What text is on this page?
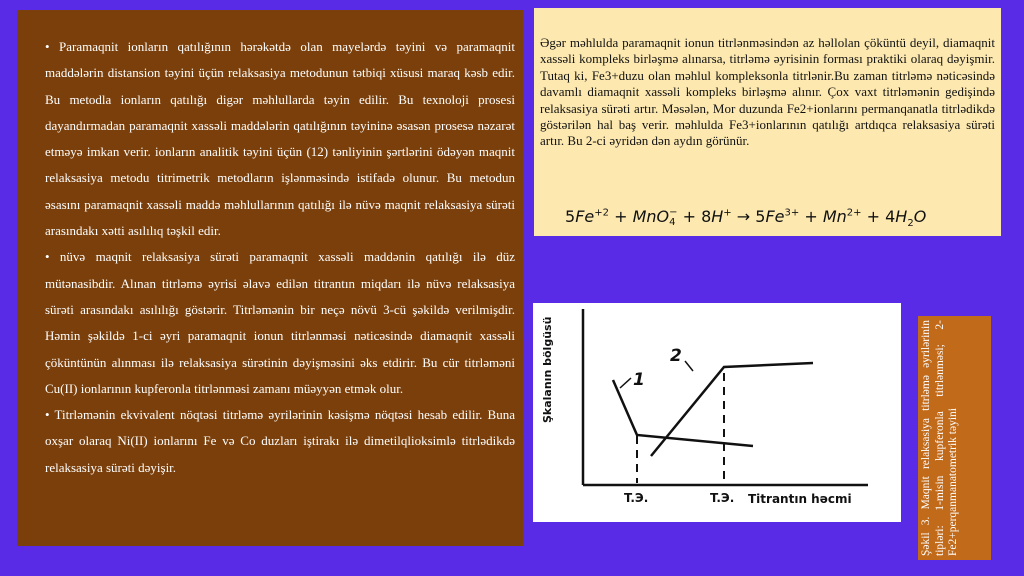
• Paramaqnit ionların qatılığının hərəkətdə olan mayelərdə təyini və paramaqnit maddələrin distansion təyini üçün relaksasiya metodunun tətbiqi xüsusi maraq kəsb edir. Bu metodla ionların qatılığı digər məhlullarda təyin edilir. Bu texnoloji prosesi dayandırmadan paramaqnit xassəli maddələrin qatılığının təyininə əsasən prosesə nəzarət etməyə imkan verir. ionların analitik təyini üçün (12) tənliyinin şərtlərini ödəyən maqnit relaksasiya metodu titrimetrik metodların işlənməsində istifadə olunur. Bu metodun əsasını paramaqnit xassəli maddə məhlullarının qatılığı ilə nüvə maqnit relaksasiya sürəti arasındakı xətti asılılıq təşkil edir.

• nüvə maqnit relaksasiya sürəti paramaqnit xassəli maddənin qatılığı ilə düz mütənasibdir. Alınan titrləmə əyrisi əlavə edilən titrantın miqdarı ilə nüvə relaksasiya sürəti arasındakı asılılığı göstərir. Titrləmənin bir neçə növü 3-cü şəkildə verilmişdir. Həmin şəkildə 1-ci əyri paramaqnit ionun titrlənməsi nəticəsində diamaqnit xassəli çöküntünün alınması ilə relaksasiya sürətinin dəyişməsini əks etdirir. Bu cür titrləməni Cu(II) ionlarının kupferonla titrlənməsi zamanı müəyyən etmək olur.

• Titrləmənin ekvivalent nöqtəsi titrləmə əyrilərinin kəsişmə nöqtəsi hesab edilir. Buna oxşar olaraq Ni(II) ionlarını Fe və Co duzları iştirakı ilə dimetilqlioksimlə titrlədikdə relaksasiya sürəti dəyişir.

Əgər məhlulda paramaqnit ionun titrlənməsindən az həllolan çöküntü deyil, diamaqnit xassəli kompleks birləşmə alınarsa, titrləmə əyrisinin forması praktiki olaraq dəyişmir. Tutaq ki, Fe3+duzu olan məhlul kompleksonla titrlənir.Bu zaman titrləmə nəticəsində davamlı diamaqnit xassəli kompleks birləşmə alınır. Çox vaxt titrləmənin gedişində relaksasiya sürəti artır. Məsələn, Mor duzunda Fe2+ionlarını permanqanatla titrlədikdə göstərilən hal baş verir. məhlulda Fe3+ionlarının qatılığı artdıqca relaksasiya sürəti artır. Bu 2-ci əyridən dən aydın görünür.

$5Fe^{+2}$ + MnO −
$4 + 8H^+ \to 5Fe^{3+} + Mn^{2+} + 4H_2O$
Şkalanın bölgüsü
Titrantın həcmi
1
2
T.Э.	T.Э.	Şəkil 3. Maqnit relaksasiya titrləmə əyrilərinin tipləri: 1-misin kupferonla titrlənməsi; 2-Fe2+perqanmanatometrik təyini
